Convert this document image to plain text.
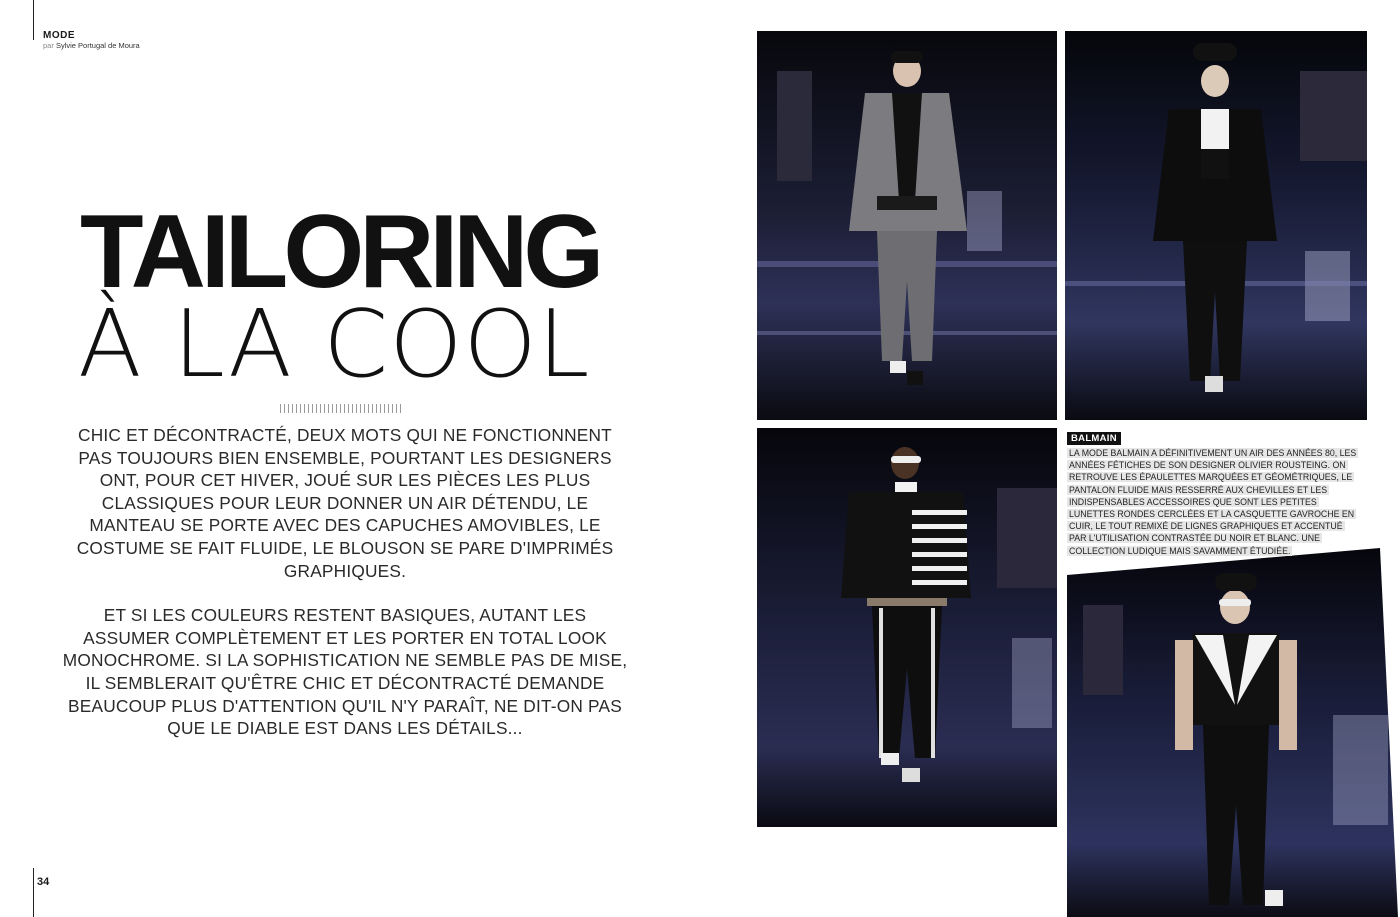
MODE
par Sylvie Portugal de Moura
TAILORING
À LA COOL

CHIC ET DÉCONTRACTÉ, DEUX MOTS QUI NE FONCTIONNENT PAS TOUJOURS BIEN ENSEMBLE, POURTANT LES DESIGNERS ONT, POUR CET HIVER, JOUÉ SUR LES PIÈCES LES PLUS CLASSIQUES POUR LEUR DONNER UN AIR DÉTENDU, LE MANTEAU SE PORTE AVEC DES CAPUCHES AMOVIBLES, LE COSTUME SE FAIT FLUIDE, LE BLOUSON SE PARE D'IMPRIMÉS GRAPHIQUES.

ET SI LES COULEURS RESTENT BASIQUES, AUTANT LES ASSUMER COMPLÈTEMENT ET LES PORTER EN TOTAL LOOK MONOCHROME. SI LA SOPHISTICATION NE SEMBLE PAS DE MISE, IL SEMBLERAIT QU'ÊTRE CHIC ET DÉCONTRACTÉ DEMANDE BEAUCOUP PLUS D'ATTENTION QU'IL N'Y PARAÎT, NE DIT-ON PAS QUE LE DIABLE EST DANS LES DÉTAILS...

34
BALMAIN
LA MODE BALMAIN A DÉFINITIVEMENT UN AIR DES ANNÉES 80, LES ANNÉES FÉTICHES DE SON DESIGNER OLIVIER ROUSTEING. ON RETROUVE LES ÉPAULETTES MARQUÉES ET GÉOMÉTRIQUES, LE PANTALON FLUIDE MAIS RESSERRÉ AUX CHEVILLES ET LES INDISPENSABLES ACCESSOIRES QUE SONT LES PETITES LUNETTES RONDES CERCLÉES ET LA CASQUETTE GAVROCHE EN CUIR, LE TOUT REMIXÉ DE LIGNES GRAPHIQUES ET ACCENTUÉ PAR L'UTILISATION CONTRASTÉE DU NOIR ET BLANC. UNE COLLECTION LUDIQUE MAIS SAVAMMENT ÉTUDIÉE.
